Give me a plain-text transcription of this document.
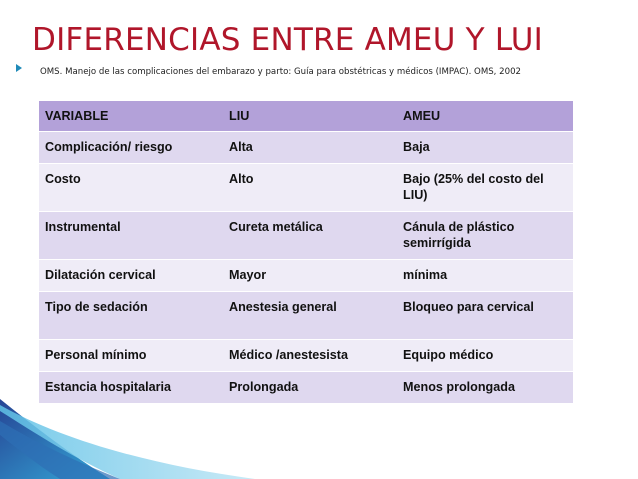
DIFERENCIAS ENTRE AMEU Y LUI
OMS. Manejo de las complicaciones del embarazo y parto: Guía para obstétricas y médicos (IMPAC). OMS, 2002
VARIABLE	LIU	AMEU
Complicación/ riesgo	Alta	Baja
Costo	Alto	Bajo (25% del costo del LIU)
Instrumental	Cureta metálica	Cánula de plástico semirrígida
Dilatación cervical	Mayor	mínima
Tipo de sedación	Anestesia general	Bloqueo para cervical
Personal mínimo	Médico /anestesista	Equipo médico
Estancia hospitalaria	Prolongada	Menos prolongada
